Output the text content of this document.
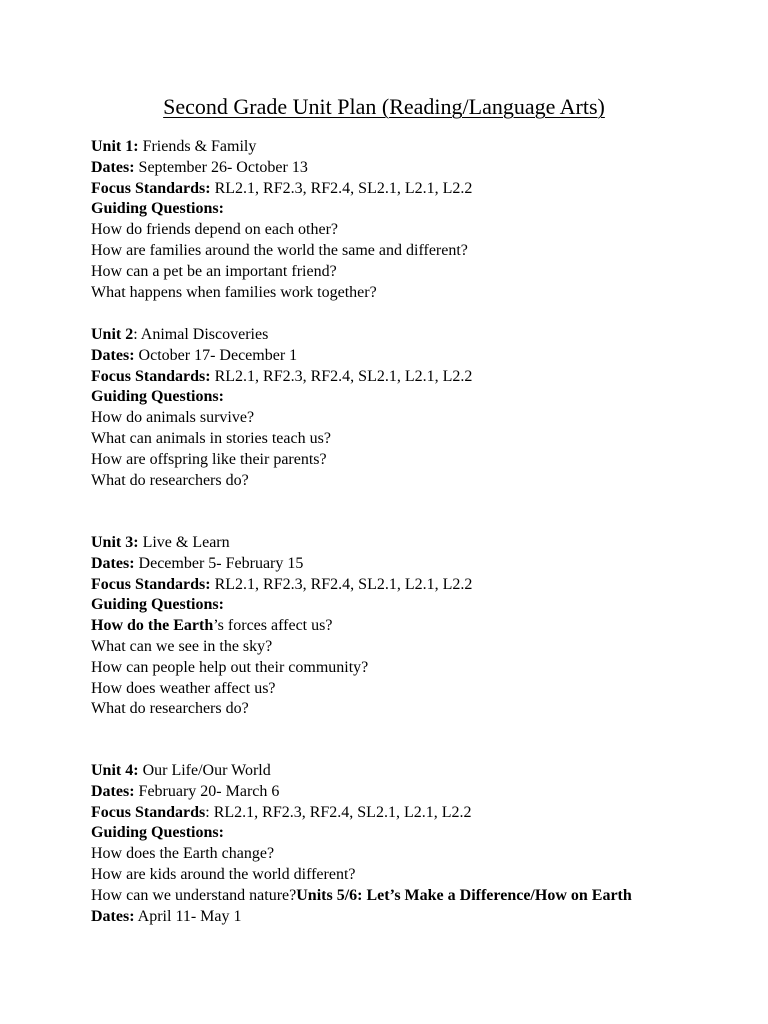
Second Grade Unit Plan (Reading/Language Arts)
Unit 1: Friends & Family
Dates: September 26- October 13
Focus Standards: RL2.1, RF2.3, RF2.4, SL2.1, L2.1, L2.2
Guiding Questions:
How do friends depend on each other?
How are families around the world the same and different?
How can a pet be an important friend?
What happens when families work together?
Unit 2: Animal Discoveries
Dates: October 17- December 1
Focus Standards: RL2.1, RF2.3, RF2.4, SL2.1, L2.1, L2.2
Guiding Questions:
How do animals survive?
What can animals in stories teach us?
How are offspring like their parents?
What do researchers do?
Unit 3: Live & Learn
Dates: December 5- February 15
Focus Standards: RL2.1, RF2.3, RF2.4, SL2.1, L2.1, L2.2
Guiding Questions:
How do the Earth’s forces affect us?
What can we see in the sky?
How can people help out their community?
How does weather affect us?
What do researchers do?
Unit 4: Our Life/Our World
Dates: February 20- March 6
Focus Standards: RL2.1, RF2.3, RF2.4, SL2.1, L2.1, L2.2
Guiding Questions:
How does the Earth change?
How are kids around the world different?
How can we understand nature?Units 5/6: Let’s Make a Difference/How on Earth
Dates: April 11- May 1
